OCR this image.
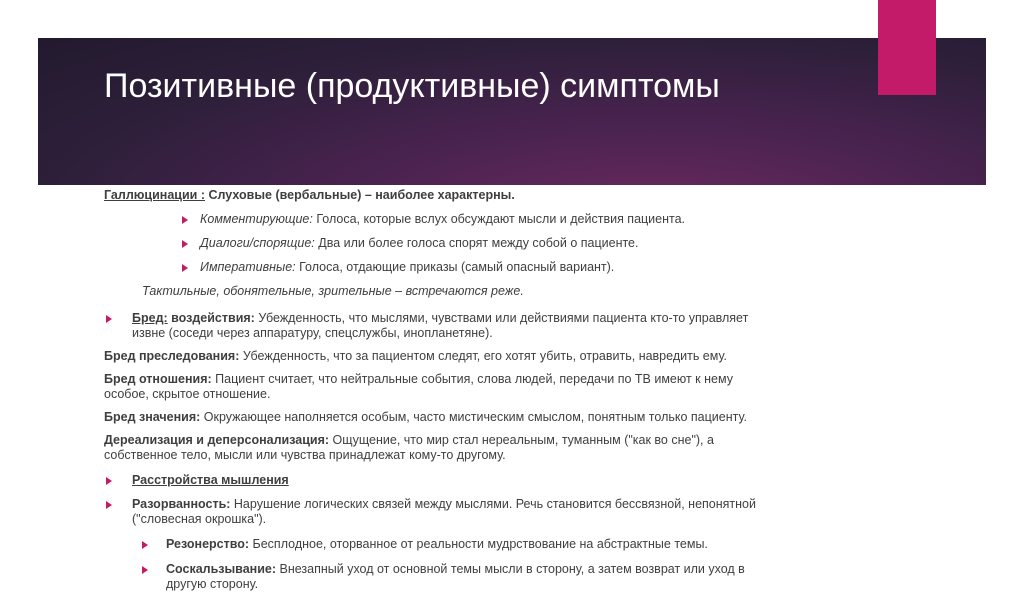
Позитивные (продуктивные) симптомы

Галлюцинации : Слуховые (вербальные) – наиболее характерны.

Комментирующие: Голоса, которые вслух обсуждают мысли и действия пациента.
Диалоги/спорящие: Два или более голоса спорят между собой о пациенте.
Императивные: Голоса, отдающие приказы (самый опасный вариант).

Тактильные, обонятельные, зрительные – встречаются реже.

Бред: воздействия: Убежденность, что мыслями, чувствами или действиями пациента кто-то управляет
извне (соседи через аппаратуру, спецслужбы, инопланетяне).

Бред преследования: Убежденность, что за пациентом следят, его хотят убить, отравить, навредить ему.

Бред отношения: Пациент считает, что нейтральные события, слова людей, передачи по ТВ имеют к нему
особое, скрытое отношение.

Бред значения: Окружающее наполняется особым, часто мистическим смыслом, понятным только пациенту.

Дереализация и деперсонализация: Ощущение, что мир стал нереальным, туманным ("как во сне"), а
собственное тело, мысли или чувства принадлежат кому-то другому.
Расстройства мышления
Разорванность: Нарушение логических связей между мыслями. Речь становится бессвязной, непонятной
("словесная окрошка").
Резонерство: Бесплодное, оторванное от реальности мудрствование на абстрактные темы.
Соскальзывание: Внезапный уход от основной темы мысли в сторону, а затем возврат или уход в
другую сторону.
